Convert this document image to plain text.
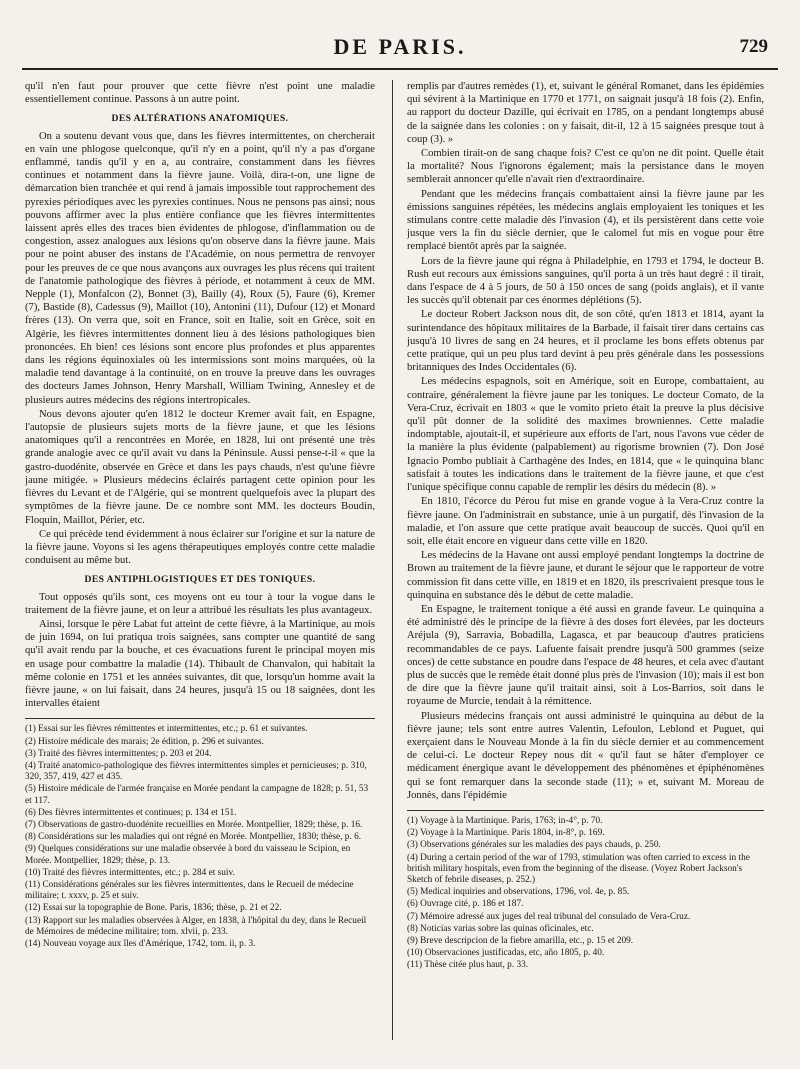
DE PARIS.	729

qu'il n'en faut pour prouver que cette fièvre n'est point une maladie essentiellement continue. Passons à un autre point.

DES ALTÉRATIONS ANATOMIQUES.

On a soutenu devant vous que, dans les fièvres intermittentes, on chercherait en vain une phlogose quelconque, qu'il n'y en a point, qu'il n'y a pas d'organe enflammé, tandis qu'il y en a, au contraire, constamment dans les fièvres continues et notamment dans la fièvre jaune. Voilà, dira-t-on, une ligne de démarcation bien tranchée et qui rend à jamais impossible tout rapprochement des pyrexies périodiques avec les pyrexies continues. Nous ne pensons pas ainsi; nous pouvons affirmer avec la plus entière confiance que les fièvres intermittentes laissent après elles des traces bien évidentes de phlogose, d'inflammation ou de congestion, assez analogues aux lésions qu'on observe dans la fièvre jaune. Mais pour ne point abuser des instans de l'Académie, on nous permettra de renvoyer pour les preuves de ce que nous avançons aux ouvrages les plus récens qui traitent de l'anatomie pathologique des fièvres à période, et notamment à ceux de MM. Nepple (1), Monfalcon (2), Bonnet (3), Bailly (4), Roux (5), Faure (6), Kremer (7), Bastide (8), Cadessus (9), Maillot (10), Antonini (11), Dufour (12) et Monard frères (13). On verra que, soit en France, soit en Italie, soit en Grèce, soit en Algérie, les fièvres intermittentes donnent lieu à des lésions pathologiques bien prononcées. Eh bien! ces lésions sont encore plus profondes et plus apparentes dans les régions équinoxiales où les intermissions sont moins marquées, où la maladie tend davantage à la continuité, on en trouve la preuve dans les ouvrages des docteurs James Johnson, Henry Marshall, William Twining, Annesley et de plusieurs autres médecins des régions intertropicales.

Nous devons ajouter qu'en 1812 le docteur Kremer avait fait, en Espagne, l'autopsie de plusieurs sujets morts de la fièvre jaune, et que les lésions anatomiques qu'il a rencontrées en Morée, en 1828, lui ont présenté une très grande analogie avec ce qu'il avait vu dans la Péninsule. Aussi pense-t-il « que la gastro-duodénite, observée en Grèce et dans les pays chauds, n'est qu'une fièvre jaune mitigée. » Plusieurs médecins éclairés partagent cette opinion pour les fièvres du Levant et de l'Algérie, qui se montrent quelquefois avec la plupart des symptômes de la fièvre jaune. De ce nombre sont MM. les docteurs Boudin, Floquin, Maillot, Périer, etc.

Ce qui précède tend évidemment à nous éclairer sur l'origine et sur la nature de la fièvre jaune. Voyons si les agens thérapeutiques employés contre cette maladie conduisent au même but.

DES ANTIPHLOGISTIQUES ET DES TONIQUES.

Tout opposés qu'ils sont, ces moyens ont eu tour à tour la vogue dans le traitement de la fièvre jaune, et on leur a attribué les résultats les plus avantageux.

Ainsi, lorsque le père Labat fut atteint de cette fièvre, à la Martinique, au mois de juin 1694, on lui pratiqua trois saignées, sans compter une quantité de sang qu'il avait rendu par la bouche, et ces évacuations furent le principal moyen mis en usage pour combattre la maladie (14). Thibault de Chanvalon, qui habitait la même colonie en 1751 et les années suivantes, dit que, lorsqu'un homme avait la fièvre jaune, « on lui faisait, dans 24 heures, jusqu'à 15 ou 18 saignées, dont les intervalles étaient

(1) Essai sur les fièvres rémittentes et intermittentes, etc.; p. 61 et suivantes.
(2) Histoire médicale des marais; 2e édition, p. 296 et suivantes.
(3) Traité des fièvres intermittentes; p. 203 et 204.
(4) Traité anatomico-pathologique des fièvres intermittentes simples et pernicieuses; p. 310, 320, 357, 419, 427 et 435.
(5) Histoire médicale de l'armée française en Morée pendant la campagne de 1828; p. 51, 53 et 117.
(6) Des fièvres intermittentes et continues; p. 134 et 151.
(7) Observations de gastro-duodénite recueillies en Morée. Montpellier, 1829; thèse, p. 16.
(8) Considérations sur les maladies qui ont régné en Morée. Montpellier, 1830; thèse, p. 6.
(9) Quelques considérations sur une maladie observée à bord du vaisseau le Scipion, en Morée. Montpellier, 1829; thèse, p. 13.
(10) Traité des fièvres intermittentes, etc.; p. 284 et suiv.
(11) Considérations générales sur les fièvres intermittentes, dans le Recueil de médecine militaire; t. xxxv, p. 25 et suiv.
(12) Essai sur la topographie de Bone. Paris, 1836; thèse, p. 21 et 22.
(13) Rapport sur les maladies observées à Alger, en 1838, à l'hôpital du dey, dans le Recueil de Mémoires de médecine militaire; tom. xlvii, p. 233.
(14) Nouveau voyage aux îles d'Amérique, 1742, tom. ii, p. 3.

remplis par d'autres remèdes (1), et, suivant le général Romanet, dans les épidémies qui sévirent à la Martinique en 1770 et 1771, on saignait jusqu'à 18 fois (2). Enfin, au rapport du docteur Dazille, qui écrivait en 1785, on a pendant longtemps abusé de la saignée dans les colonies : on y faisait, dit-il, 12 à 15 saignées presque tout à coup (3). »

Combien tirait-on de sang chaque fois? C'est ce qu'on ne dit point. Quelle était la mortalité? Nous l'ignorons également; mais la persistance dans le moyen semblerait annoncer qu'elle n'avait rien d'extraordinaire.

Pendant que les médecins français combattaient ainsi la fièvre jaune par les émissions sanguines répétées, les médecins anglais employaient les toniques et les stimulans contre cette maladie dès l'invasion (4), et ils persistèrent dans cette voie jusque vers la fin du siècle dernier, que le calomel fut mis en vogue pour être remplacé bientôt après par la saignée.

Lors de la fièvre jaune qui régna à Philadelphie, en 1793 et 1794, le docteur B. Rush eut recours aux émissions sanguines, qu'il porta à un très haut degré : il tirait, dans l'espace de 4 à 5 jours, de 50 à 150 onces de sang (poids anglais), et il vante les succès qu'il obtenait par ces énormes déplétions (5).

Le docteur Robert Jackson nous dit, de son côté, qu'en 1813 et 1814, ayant la surintendance des hôpitaux militaires de la Barbade, il faisait tirer dans certains cas jusqu'à 10 livres de sang en 24 heures, et il proclame les bons effets obtenus par cette pratique, qui un peu plus tard devint à peu près générale dans les possessions britanniques des Indes Occidentales (6).

Les médecins espagnols, soit en Amérique, soit en Europe, combattaient, au contraire, généralement la fièvre jaune par les toniques. Le docteur Comato, de la Vera-Cruz, écrivait en 1803 « que le vomito prieto était la preuve la plus décisive qu'il pût donner de la solidité des maximes browniennes. Cette maladie indomptable, ajoutait-il, et supérieure aux efforts de l'art, nous l'avons vue céder de la manière la plus évidente (palpablement) au rigorisme brownien (7). Don José Ignacio Pombo publiait à Carthagène des Indes, en 1814, que « le quinquina blanc satisfait à toutes les indications dans le traitement de la fièvre jaune, et que c'est l'unique spécifique connu capable de remplir les désirs du médecin (8). »

En 1810, l'écorce du Pérou fut mise en grande vogue à la Vera-Cruz contre la fièvre jaune. On l'administrait en substance, unie à un purgatif, dès l'invasion de la maladie, et l'on assure que cette pratique avait beaucoup de succès. Quoi qu'il en soit, elle était encore en vigueur dans cette ville en 1820.

Les médecins de la Havane ont aussi employé pendant longtemps la doctrine de Brown au traitement de la fièvre jaune, et durant le séjour que le rapporteur de votre commission fit dans cette ville, en 1819 et en 1820, ils prescrivaient presque tous le quinquina en substance dès le début de cette maladie.

En Espagne, le traitement tonique a été aussi en grande faveur. Le quinquina a été administré dès le principe de la fièvre à des doses fort élevées, par les docteurs Aréjula (9), Sarravia, Bobadilla, Lagasca, et par beaucoup d'autres praticiens recommandables de ce pays. Lafuente faisait prendre jusqu'à 500 grammes (seize onces) de cette substance en poudre dans l'espace de 48 heures, et cela avec d'autant plus de succès que le remède était donné plus près de l'invasion (10); mais il est bon de dire que la fièvre jaune qu'il traitait ainsi, soit à Los-Barrios, soit dans le royaume de Murcie, tendait à la rémittence.

Plusieurs médecins français ont aussi administré le quinquina au début de la fièvre jaune; tels sont entre autres Valentin, Lefoulon, Leblond et Puguet, qui exerçaient dans le Nouveau Monde à la fin du siècle dernier et au commencement de celui-ci. Le docteur Repey nous dit « qu'il faut se hâter d'employer ce médicament énergique avant le développement des phénomènes et épiphénomènes qui se font remarquer dans la seconde stade (11); » et, suivant M. Moreau de Jonnès, dans l'épidémie

(1) Voyage à la Martinique. Paris, 1763; in-4°, p. 70.
(2) Voyage à la Martinique. Paris 1804, in-8°, p. 169.
(3) Observations générales sur les maladies des pays chauds, p. 250.
(4) During a certain period of the war of 1793, stimulation was often carried to excess in the british military hospitals, even from the beginning of the disease. (Voyez Robert Jackson's Sketch of febrile diseases, p. 252.)
(5) Medical inquiries and observations, 1796, vol. 4e, p. 85.
(6) Ouvrage cité, p. 186 et 187.
(7) Mémoire adressé aux juges del real tribunal del consulado de Vera-Cruz.
(8) Noticias varias sobre las quinas oficinales, etc.
(9) Breve descripcion de la fiebre amarilla, etc., p. 15 et 209.
(10) Observaciones justificadas, etc, año 1805, p. 40.
(11) Thèse citée plus haut, p. 33.
